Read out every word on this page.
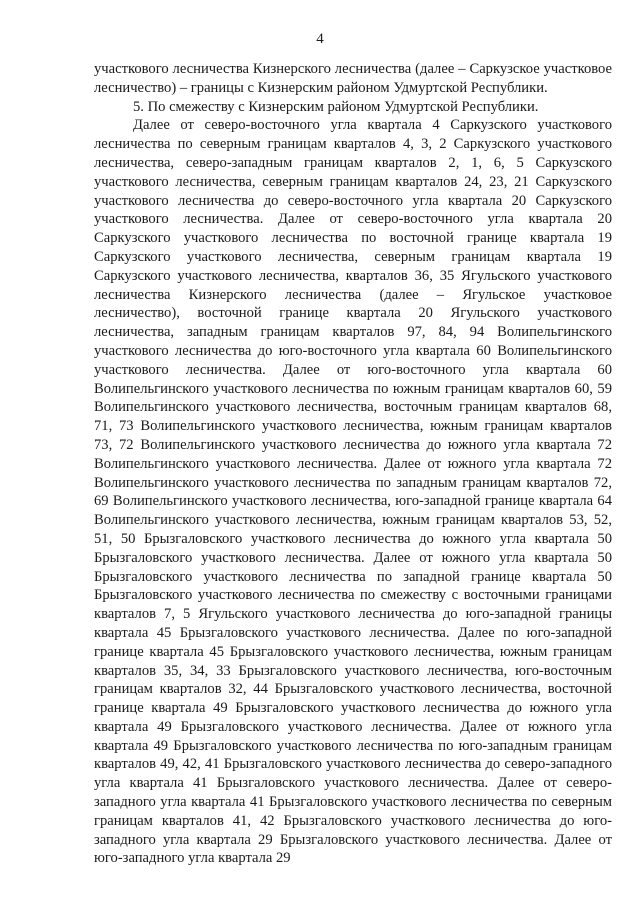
4

участкового лесничества Кизнерского лесничества (далее – Саркузское участковое лесничество) – границы с Кизнерским районом Удмуртской Республики.

5. По смежеству с Кизнерским районом Удмуртской Республики.

Далее от северо-восточного угла квартала 4 Саркузского участкового лесничества по северным границам кварталов 4, 3, 2 Саркузского участкового лесничества, северо-западным границам кварталов 2, 1, 6, 5 Саркузского участкового лесничества, северным границам кварталов 24, 23, 21 Саркузского участкового лесничества до северо-восточного угла квартала 20 Саркузского участкового лесничества. Далее от северо-восточного угла квартала 20 Саркузского участкового лесничества по восточной границе квартала 19 Саркузского участкового лесничества, северным границам квартала 19 Саркузского участкового лесничества, кварталов 36, 35 Ягульского участкового лесничества Кизнерского лесничества (далее – Ягульское участковое лесничество), восточной границе квартала 20 Ягульского участкового лесничества, западным границам кварталов 97, 84, 94 Волипельгинского участкового лесничества до юго-восточного угла квартала 60 Волипельгинского участкового лесничества. Далее от юго-восточного угла квартала 60 Волипельгинского участкового лесничества по южным границам кварталов 60, 59 Волипельгинского участкового лесничества, восточным границам кварталов 68, 71, 73 Волипельгинского участкового лесничества, южным границам кварталов 73, 72 Волипельгинского участкового лесничества до южного угла квартала 72 Волипельгинского участкового лесничества. Далее от южного угла квартала 72 Волипельгинского участкового лесничества по западным границам кварталов 72, 69 Волипельгинского участкового лесничества, юго-западной границе квартала 64 Волипельгинского участкового лесничества, южным границам кварталов 53, 52, 51, 50 Брызгаловского участкового лесничества до южного угла квартала 50 Брызгаловского участкового лесничества. Далее от южного угла квартала 50 Брызгаловского участкового лесничества по западной границе квартала 50 Брызгаловского участкового лесничества по смежеству с восточными границами кварталов 7, 5 Ягульского участкового лесничества до юго-западной границы квартала 45 Брызгаловского участкового лесничества. Далее по юго-западной границе квартала 45 Брызгаловского участкового лесничества, южным границам кварталов 35, 34, 33 Брызгаловского участкового лесничества, юго-восточным границам кварталов 32, 44 Брызгаловского участкового лесничества, восточной границе квартала 49 Брызгаловского участкового лесничества до южного угла квартала 49 Брызгаловского участкового лесничества. Далее от южного угла квартала 49 Брызгаловского участкового лесничества по юго-западным границам кварталов 49, 42, 41 Брызгаловского участкового лесничества до северо-западного угла квартала 41 Брызгаловского участкового лесничества. Далее от северо-западного угла квартала 41 Брызгаловского участкового лесничества по северным границам кварталов 41, 42 Брызгаловского участкового лесничества до юго-западного угла квартала 29 Брызгаловского участкового лесничества. Далее от юго-западного угла квартала 29
